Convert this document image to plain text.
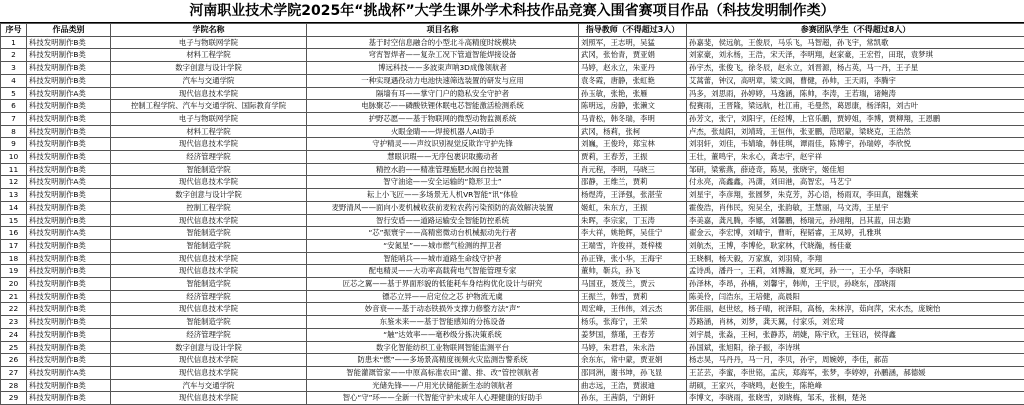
河南职业技术学院2025年“挑战杯”大学生课外学术科技作品竞赛入围省赛项目作品（科技发明制作类）
序号	作品类别	学院名称	项目名称	指导教师（不得超过3人）	参赛团队学生（不得超过8人）
1	科技发明制作B类	电子与物联网学院	基于时空信息融合的小型北斗高精度时统模块	刘照军，王志明，吴猛	孙嘉斐，侯远航，王俊辰，马乐飞，马智超，孙飞宇，常凯歌
2	科技发明制作B类	材料工程学院	穹宵智焊者——复杂工况下管道智能焊接设备	武冈，张怡青，贾亚娟	刘家豪，刘永杨，王浩，宋天泽，李明翔，赵家豪，王宏哲，田珉，袁梦琪
3	科技发明制作B类	数字创意与设计学院	博远科技——多波束声呐3D成像领航者	马婷，赵永立，朱亚丹	孙宇杰，张俊飞，徐冬辰，赵永立，刘晋源，杨占英，马一丹，王子星
4	科技发明制作B类	汽车与交通学院	一种实现遇役动力电池快速筛选装置的研发与应用	袁冬霞，唐静，张虹艳	艾蒿蕾，钟汉，高明章，梁文阁，曹健，孙帅，王天雨，李腾宇
5	科技发明制作A类	现代信息技术学院	隔墙有耳——掌守门户的隐私安全守护者	孙玉敏，张艳，张雁	冯多，刘思雨，孙婷婷，马逸涵，陈帅，李涛，王若瑞，诸鲍涛
6	科技发明制作B类	控制工程学院、汽车与交通学院、国际教育学院	电脉聚芯——磷酸铁锂休眠电芯智能激活检测系统	陈明远，房静，张濑文	倪赛雨，王晋隆，梁远航，杜江甫，毛曼然，葛恩康，杨泽阳，刘古叶
7	科技发明制作B类	电子与物联网学院	护野芯愿——基于物联网的微型动物监测系统	马青松，韩冬瑞，李明	孙芳文，张宁，刘阳宇，任经博，上官乐鹏，贾婷姐，李博，贾柳翔，王恩鹏
8	科技发明制作B类	材料工程学院	火眼金睛——焊接机器人AI助手	武冈，杨莉，张柯	卢杰，张灿阳，刘靖琦，王恒伟，张亚鹏，范昭蒙，梁晓克，王浩然
9	科技发明制作B类	现代信息技术学院	守护精灵——声纹识别视觉反欺诈守护先锋	刘巍，王俊玲，郑宝林	刘羽轩，刘佳，韦婧瑜，韩佳琪，谭雨佳，陈博宇，孙瑞婷，李欣悦
10	科技发明制作B类	经济管理学院	慧眼识瑕——无序包裹识取搬动者	贾莉，王春芳，王振	王壮，董鸣宇，朱永心，龚志宇，赵宇祥
11	科技发明制作B类	智能制造学院	精控水韵——精准管理施肥水阀自控装置	肖元程，李明，马晓三	邹研，梁紫燕，薛迹奇，陈昊，张晓宇，姬佳旭
12	科技发明制作A类	现代信息技术学院	智守油途——安全运输的“隐形卫士”	邵静，王维兰，贾莉	付永亮，高鑫鑫，冯潇，刘田港，高智宏，马艺宁
13	科技发明制作B类	数字创意与设计学院	耘上小飞匠——多场景无人机VR智能“讯”体验	杨煜涛，王泽强，张湛莹	刘星宇，李彦翔，张圆梦，朱克芳，苏心语，杨雨双，李田真，谢魏莱
14	科技发明制作B类	控制工程学院	麦野清风——面向小麦机械收获前麦粒农药污染预防的高效解决装置	姬虹，朱东方，王振	霍俊浩，肖伟民，宛吴全，张韵敏，王慧丽，马文涛，王星宇
15	科技发明制作B类	现代信息技术学院	智行安盾——道路运输安全智能防控系统	朱晖，李宗家，丁玉涛	李美嘉，龚凡腾，李娜，刘馨鹏，杨瑞元，孙翊翔，吕其蓝，田志勤
16	科技发明制作A类	智能制造学院	“芯”振寰宇——高精密微动台机械振动先行者	李大祥，姚艳辉，吴佳宁	翟金云，李宏博，刘晴宇，曹昕，程韬睿，王凤婷，孔雅琪
17	科技发明制作B类	智能制造学院	“安氮星”——城市燃气检测的捍卫者	王端雪，许俊祥，聂梓楼	刘航杰，王博，李博伦，耿家林，代晓瀚，杨佳豪
18	科技发明制作B类	现代信息技术学院	智能哨兵——城市道路生命线守护者	孙正锋，张小华，王海宇	王晓桐，杨天毅，万家旗，刘羽骑，李翔
19	科技发明制作B类	现代信息技术学院	配电精灵——大功率高载荷电气智能管理专家	董帅，靳兵，孙飞	孟诗禹，潘丹一，王莉，刘博瀚，夏光珂，孙一一，王小华，李晓阳
20	科技发明制作B类	智能制造学院	匠芯之翼——基于界面形貌的低能耗车身结构优化设计与研究	马国亚，聂茂兰，贾云	孙泽林，李昂，孙楠，刘馨宇，韩帅，王宇辰，孙晓东，邵晓雨
21	科技发明制作B类	经济管理学院	镖芯立异——启定位之芯 护物流无虞	王振兰，韩雪，贾莉	陈美伶，闫浩东，王培健，高晨阳
22	科技发明制作B类	现代信息技术学院	妙音衰——基于动态铁损外支撑力修整方法“声”	周宏峰，王伟伟，刘云杰	郭佳丽，赵世炫，杨子晴，祝泽阳，高杨，朱林淳，茹向萍，宋水杰，庞婉怡
23	科技发明制作B类	智能制造学院	东鉴未来——基于智能感知的分拣设备	杨乐，张海宁，王荣	苏路涵，肖林，刘梦，龚天翼，付家乐，刘宏琦
24	科技发明制作B类	经济管理学院	“触”达效率——毫秒级分拣决策系统	姜梦国，蔡瑾，王春芳	刘宇晨，张淼，王柯，张静苏，胡婕，陈宇欣，王钰诏，侯得鑫
25	科技发明制作B类	数字创意与设计学院	数字化智能纺织工业物联网智能监测平台	马婷，朱君君，朱永浩	孙国斌，张旭阳，徐子振，李诗琪
26	科技发明制作B类	现代信息技术学院	防患未“燃”——多场景高精度视频火灾监测告警系统	余东东，常中蒙，贾亚娟	杨志昊，马丹丹，马一月，李贝，孙宇，周婉婷，李佳，郝苗
27	科技发明制作A类	现代信息技术学院	智能灌溉管家——中原高标准农田“灌、排、改”管控领航者	邵同洲，谢书坤，孙飞显	王芷芸，李蜜，李世铭，孟庆，郑海军，张梦，李婷婷，孙鹏涵，郝德媛
28	科技发明制作B类	汽车与交通学院	光储先锋——户用光伏储能新生态的领航者	曲志远，王浩，贾淑迪	胡硕，王家兴，李晓鸣，赵俊生，陈艳峰
29	科技发明制作B类	现代信息技术学院	智心“守”环——全新一代智能守护未成年人心理健康的好助手	孙东，王茜荫，宁朗轩	李博文，李晓雨，张晓雪，刘晓梅，邹禾，张桐，楚尧
